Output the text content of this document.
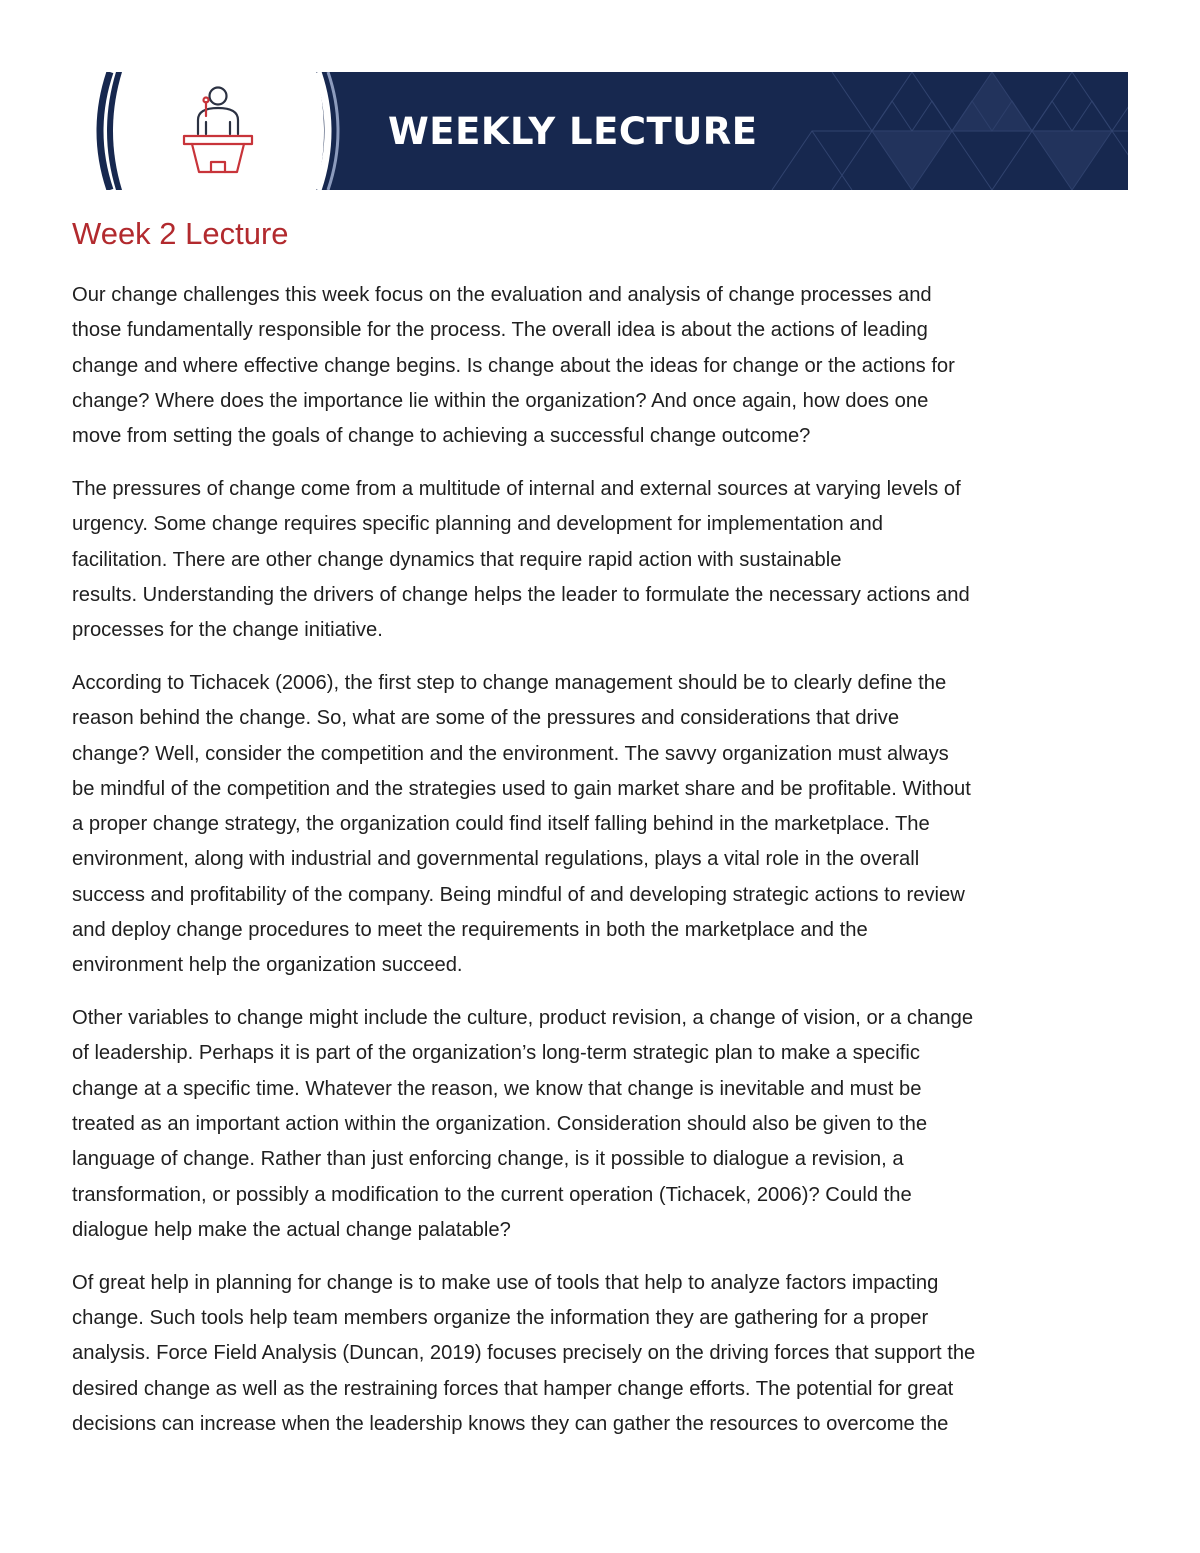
WEEKLY LECTURE
Week 2 Lecture

Our change challenges this week focus on the evaluation and analysis of change processes and
those fundamentally responsible for the process. The overall idea is about the actions of leading
change and where effective change begins. Is change about the ideas for change or the actions for
change? Where does the importance lie within the organization? And once again, how does one
move from setting the goals of change to achieving a successful change outcome?

The pressures of change come from a multitude of internal and external sources at varying levels of
urgency. Some change requires specific planning and development for implementation and
facilitation. There are other change dynamics that require rapid action with sustainable
results. Understanding the drivers of change helps the leader to formulate the necessary actions and
processes for the change initiative.

According to Tichacek (2006), the first step to change management should be to clearly define the
reason behind the change. So, what are some of the pressures and considerations that drive
change? Well, consider the competition and the environment. The savvy organization must always
be mindful of the competition and the strategies used to gain market share and be profitable. Without
a proper change strategy, the organization could find itself falling behind in the marketplace. The
environment, along with industrial and governmental regulations, plays a vital role in the overall
success and profitability of the company. Being mindful of and developing strategic actions to review
and deploy change procedures to meet the requirements in both the marketplace and the
environment help the organization succeed.

Other variables to change might include the culture, product revision, a change of vision, or a change
of leadership. Perhaps it is part of the organization’s long-term strategic plan to make a specific
change at a specific time. Whatever the reason, we know that change is inevitable and must be
treated as an important action within the organization. Consideration should also be given to the
language of change. Rather than just enforcing change, is it possible to dialogue a revision, a
transformation, or possibly a modification to the current operation (Tichacek, 2006)? Could the
dialogue help make the actual change palatable?

Of great help in planning for change is to make use of tools that help to analyze factors impacting
change. Such tools help team members organize the information they are gathering for a proper
analysis. Force Field Analysis (Duncan, 2019) focuses precisely on the driving forces that support the
desired change as well as the restraining forces that hamper change efforts. The potential for great
decisions can increase when the leadership knows they can gather the resources to overcome the
